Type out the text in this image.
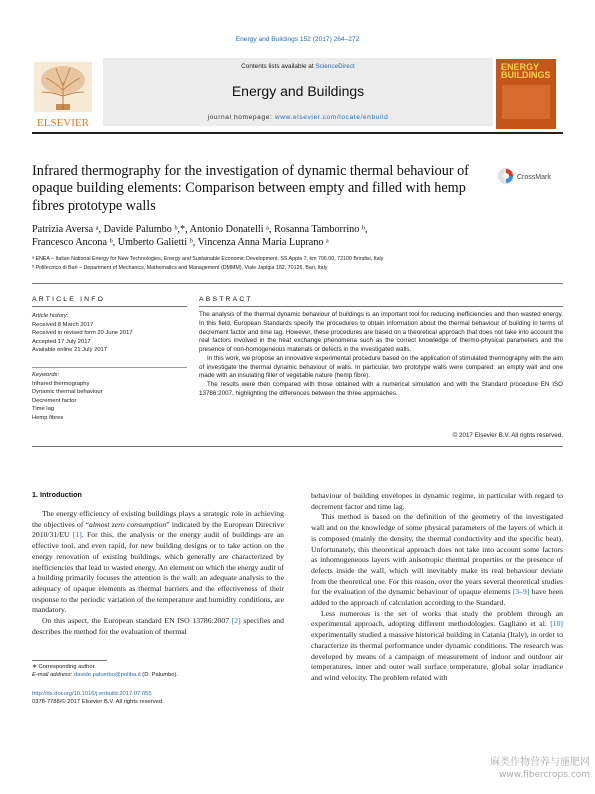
Energy and Buildings 152 (2017) 264–272
ELSEVIER
Contents lists available at ScienceDirect
Energy and Buildings
journal homepage: www.elsevier.com/locate/enbuild
ENERGY
BUILDINGS
Infrared thermography for the investigation of dynamic thermal behaviour of opaque building elements: Comparison between empty and filled with hemp fibres prototype walls
CrossMark
Patrizia Aversa ᵃ, Davide Palumbo ᵇ,*, Antonio Donatelli ᵃ, Rosanna Tamborrino ᵇ,
Francesco Ancona ᵇ, Umberto Galietti ᵇ, Vincenza Anna Maria Luprano ᵃ
ᵃ ENEA – Italian National Energy for New Technologies, Energy and Sustainable Economic Development, SS Appia 7, km 706.00, 72100 Brindisi, Italy
ᵇ Politecnico di Bari – Department of Mechanics, Mathematics and Management (DMMM), Viale Japigia 182, 70126, Bari, Italy
ARTICLE INFO
Article history:
Received 8 March 2017
Received in revised form 20 June 2017
Accepted 17 July 2017
Available online 21 July 2017
Keywords:
Infrared thermography
Dynamic thermal behaviour
Decrement factor
Time lag
Hemp fibres
ABSTRACT

The analysis of the thermal dynamic behaviour of buildings is an important tool for reducing inefficiencies and then wasted energy. In this field, European Standards specify the procedures to obtain information about the thermal behaviour of building in terms of decrement factor and time lag. However, these procedures are based on a theoretical approach that does not take into account the real factors involved in the heat exchange phenomena such as the correct knowledge of thermo-physical parameters and the presence of non-homogeneous materials or defects in the investigated walls.

In this work, we propose an innovative experimental procedure based on the application of stimulated thermography with the aim of investigate the thermal dynamic behaviour of walls. In particular, two prototype walls were compared: an empty wall and one made with an insulating filler of vegetable nature (hemp fibre).

The results were then compared with those obtained with a numerical simulation and with the Standard procedure EN ISO 13786:2007, highlighting the differences between the three approaches.

© 2017 Elsevier B.V. All rights reserved.
1. Introduction

The energy efficiency of existing buildings plays a strategic role in achieving the objectives of “almost zero consumption” indicated by the European Directive 2010/31/EU [1]. For this, the analysis or the energy audit of buildings are an effective tool, and even rapid, for new building designs or to take action on the energy renovation of existing buildings, which generally are characterized by inefficiencies that lead to wasted energy. An element on which the energy audit of a building primarily focuses the attention is the wall: an adequate analysis to the adequacy of opaque elements as thermal barriers and the effectiveness of their response to the periodic variation of the temperature and humidity conditions, are mandatory.

On this aspect, the European standard EN ISO 13786:2007 [2] specifies and describes the method for the evaluation of thermal

behaviour of building envelopes in dynamic regime, in particular with regard to decrement factor and time lag.

This method is based on the definition of the geometry of the investigated wall and on the knowledge of some physical parameters of the layers of which it is composed (mainly the density, the thermal conductivity and the specific heat). Unfortunately, this theoretical approach does not take into account some factors as inhomogeneous layers with anisotropic thermal properties or the presence of defects inside the wall, which will inevitably make its real behaviour deviate from the theoretical one. For this reason, over the years several theoretical studies for the evaluation of the dynamic behaviour of opaque elements [3–9] have been added to the approach of calculation according to the Standard.

Less numerous is the set of works that study the problem through an experimental approach, adopting different methodologies. Gagliano et al. [10] experimentally studied a massive historical building in Catania (Italy), in order to characterize its thermal performance under dynamic conditions. The research was developed by means of a campaign of measurement of indoor and outdoor air temperatures, inner and outer wall surface temperature, global solar irradiance and wind velocity. The problem related with

∗ Corresponding author.
E-mail address: davide.palumbo@poliba.it (D. Palumbo).
http://dx.doi.org/10.1016/j.enbuild.2017.07.055
0378-7788/© 2017 Elsevier B.V. All rights reserved.
麻类作物营养与施肥网
www.fibercrops.com
